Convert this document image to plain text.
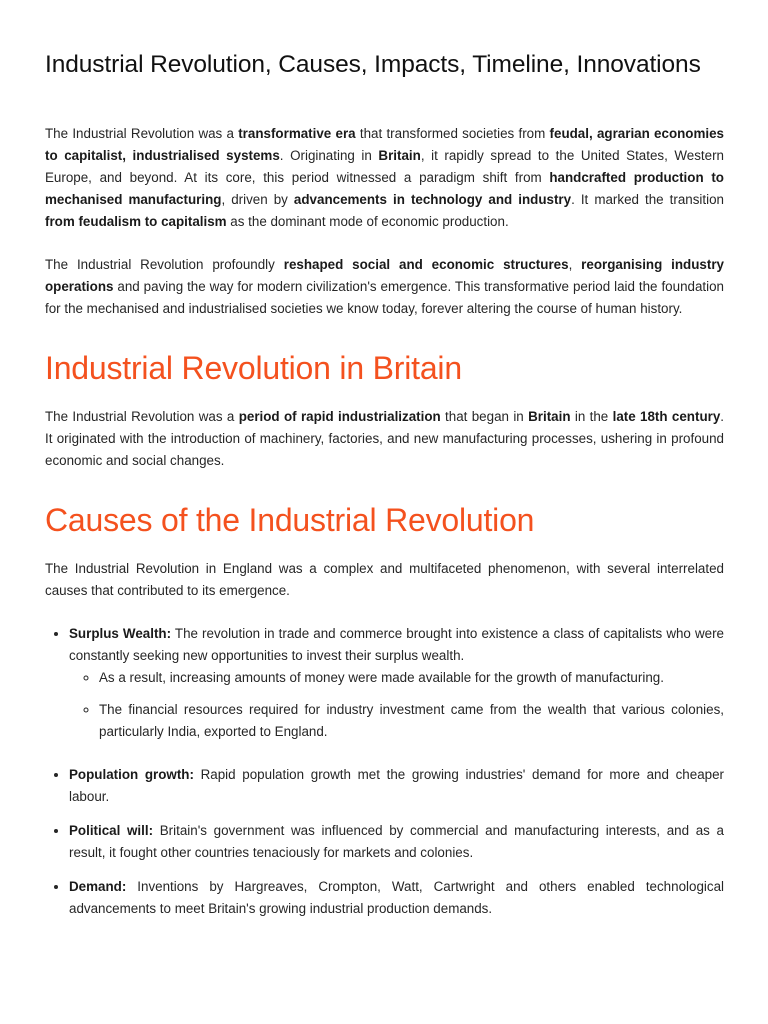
Industrial Revolution, Causes, Impacts, Timeline, Innovations

The Industrial Revolution was a transformative era that transformed societies from feudal, agrarian economies to capitalist, industrialised systems. Originating in Britain, it rapidly spread to the United States, Western Europe, and beyond. At its core, this period witnessed a paradigm shift from handcrafted production to mechanised manufacturing, driven by advancements in technology and industry. It marked the transition from feudalism to capitalism as the dominant mode of economic production.

The Industrial Revolution profoundly reshaped social and economic structures, reorganising industry operations and paving the way for modern civilization's emergence. This transformative period laid the foundation for the mechanised and industrialised societies we know today, forever altering the course of human history.

Industrial Revolution in Britain

The Industrial Revolution was a period of rapid industrialization that began in Britain in the late 18th century. It originated with the introduction of machinery, factories, and new manufacturing processes, ushering in profound economic and social changes.

Causes of the Industrial Revolution

The Industrial Revolution in England was a complex and multifaceted phenomenon, with several interrelated causes that contributed to its emergence.

• Surplus Wealth: The revolution in trade and commerce brought into existence a class of capitalists who were constantly seeking new opportunities to invest their surplus wealth.
◦ As a result, increasing amounts of money were made available for the growth of manufacturing.
◦ The financial resources required for industry investment came from the wealth that various colonies, particularly India, exported to England.
• Population growth: Rapid population growth met the growing industries' demand for more and cheaper labour.
• Political will: Britain's government was influenced by commercial and manufacturing interests, and as a result, it fought other countries tenaciously for markets and colonies.
• Demand: Inventions by Hargreaves, Crompton, Watt, Cartwright and others enabled technological advancements to meet Britain's growing industrial production demands.
